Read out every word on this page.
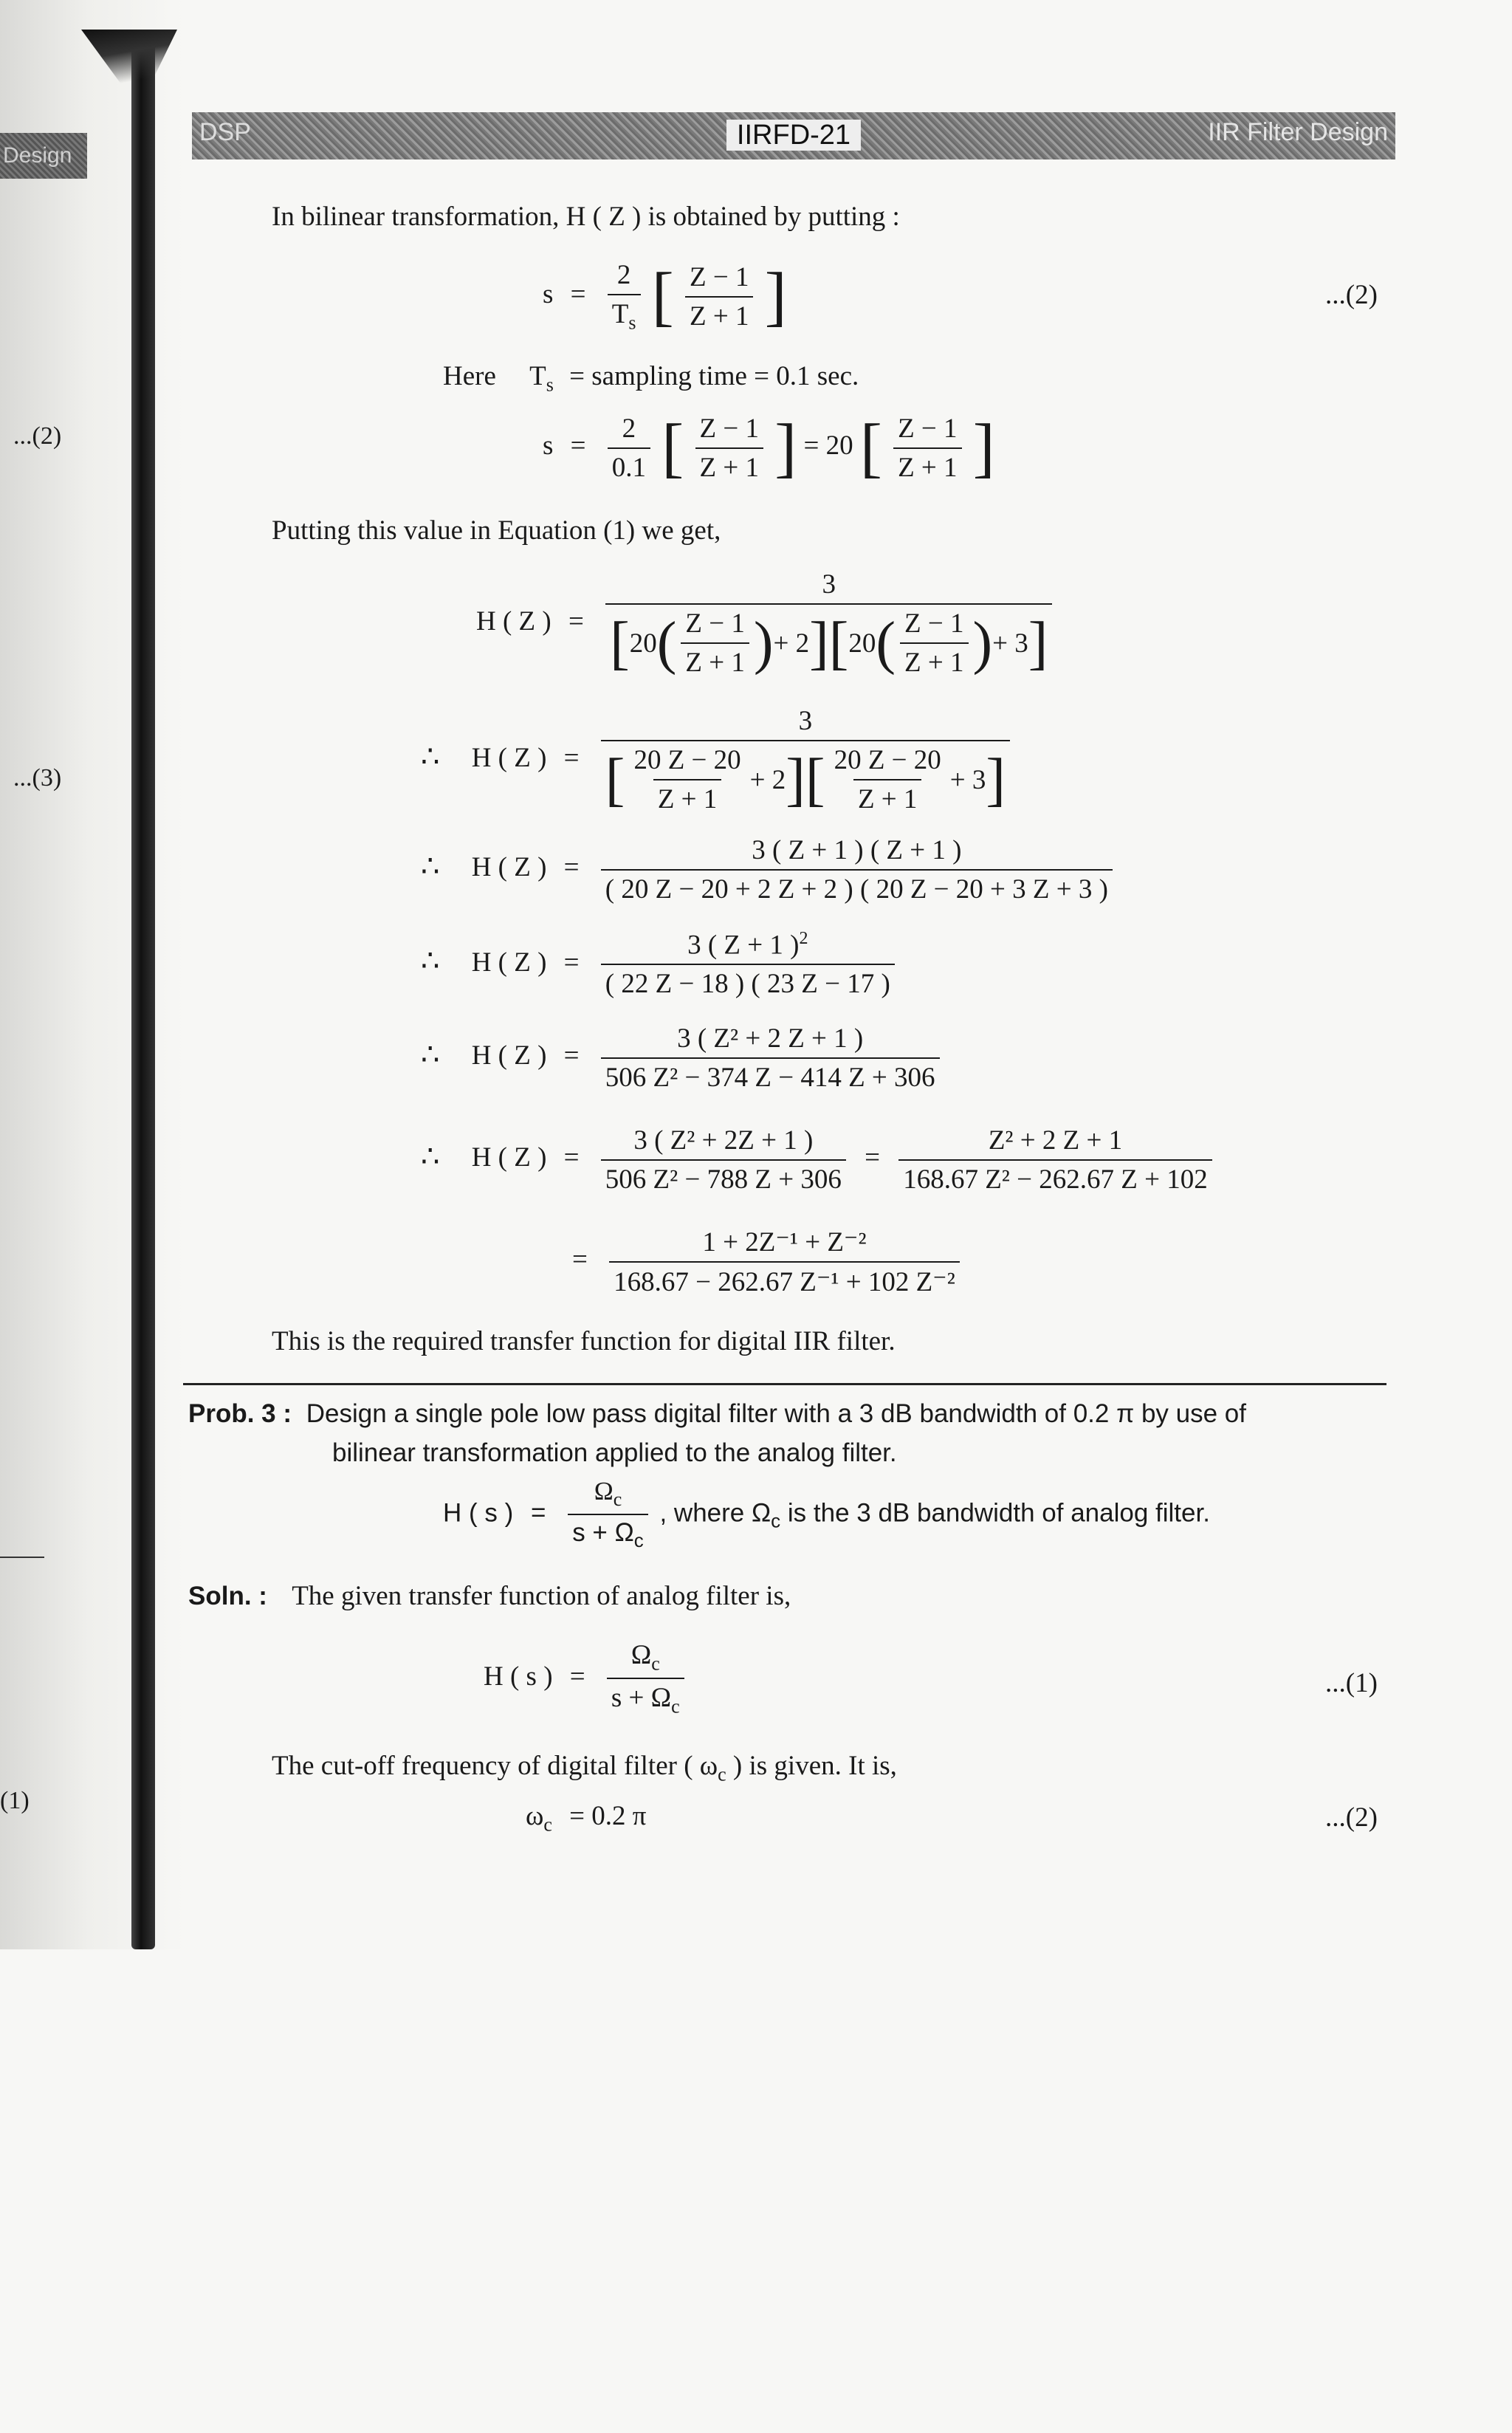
Design
...(2)
...(3)
(1)
DSP	IIRFD-21	IIR Filter Design
In bilinear transformation, H ( Z ) is obtained by putting :
$s = \frac{2}{T_s}$ [ $\frac{Z - 1}{Z + 1}$ ]	...(2)
Here $T_s$ = sampling time = 0.1 sec.
$s = \frac{2}{0.1}$ [ $\frac{Z - 1}{Z + 1}$ ] = 20 [ $\frac{Z - 1}{Z + 1}$ ]
Putting this value in Equation (1) we get,
H ( Z ) =
3
[ 20 ( $\frac{Z - 1}{Z + 1}$ ) + 2 ] [ 20 ( $\frac{Z - 1}{Z + 1}$ ) + 3 ]
∴ H ( Z ) =
3
[ $\frac{20 Z - 20}{Z + 1} + 2$ ] [ $\frac{20 Z - 20}{Z + 1} + 3$ ]
∴ H ( Z ) = $\frac{3 ( Z + 1 ) ( Z + 1 )}{( 20 Z - 20 + 2 Z + 2 ) ( 20 Z - 20 + 3 Z + 3 )}$
∴ H ( Z ) = $\frac{3 ( Z + 1 )^2}{( 22 Z - 18 ) ( 23 Z - 17 )}$
∴ H ( Z ) = $\frac{\text{3 ( Z² + 2 Z + 1 )}}{\text{506 Z² − 374 Z − 414 Z + 306}}$
∴ H ( Z ) = $\frac{\text{3 ( Z² + 2Z + 1 )}}{\text{506 Z² − 788 Z + 306}} = \frac{\text{Z² + 2 Z + 1}}{\text{168.67 Z² − 262.67 Z + 102}}$
= $\frac{\text{1 + 2Z⁻¹ + Z⁻²}}{\text{168.67 − 262.67 Z⁻¹ + 102 Z⁻²}}$
This is the required transfer function for digital IIR filter.
Prob. 3 : Design a single pole low pass digital filter with a 3 dB bandwidth of 0.2 π by use of
bilinear transformation applied to the analog filter.
H ( s ) = $\frac{\Omega_c}{s + \Omega_c}$ , where $\Omega_c$ is the 3 dB bandwidth of analog filter.
Soln. : The given transfer function of analog filter is,
H ( s ) = $\frac{\Omega_c}{s + \Omega_c}$	...(1)
The cut-off frequency of digital filter ( $\omega_c$ ) is given. It is,
$\omega_c = 0.2$ π	...(2)
